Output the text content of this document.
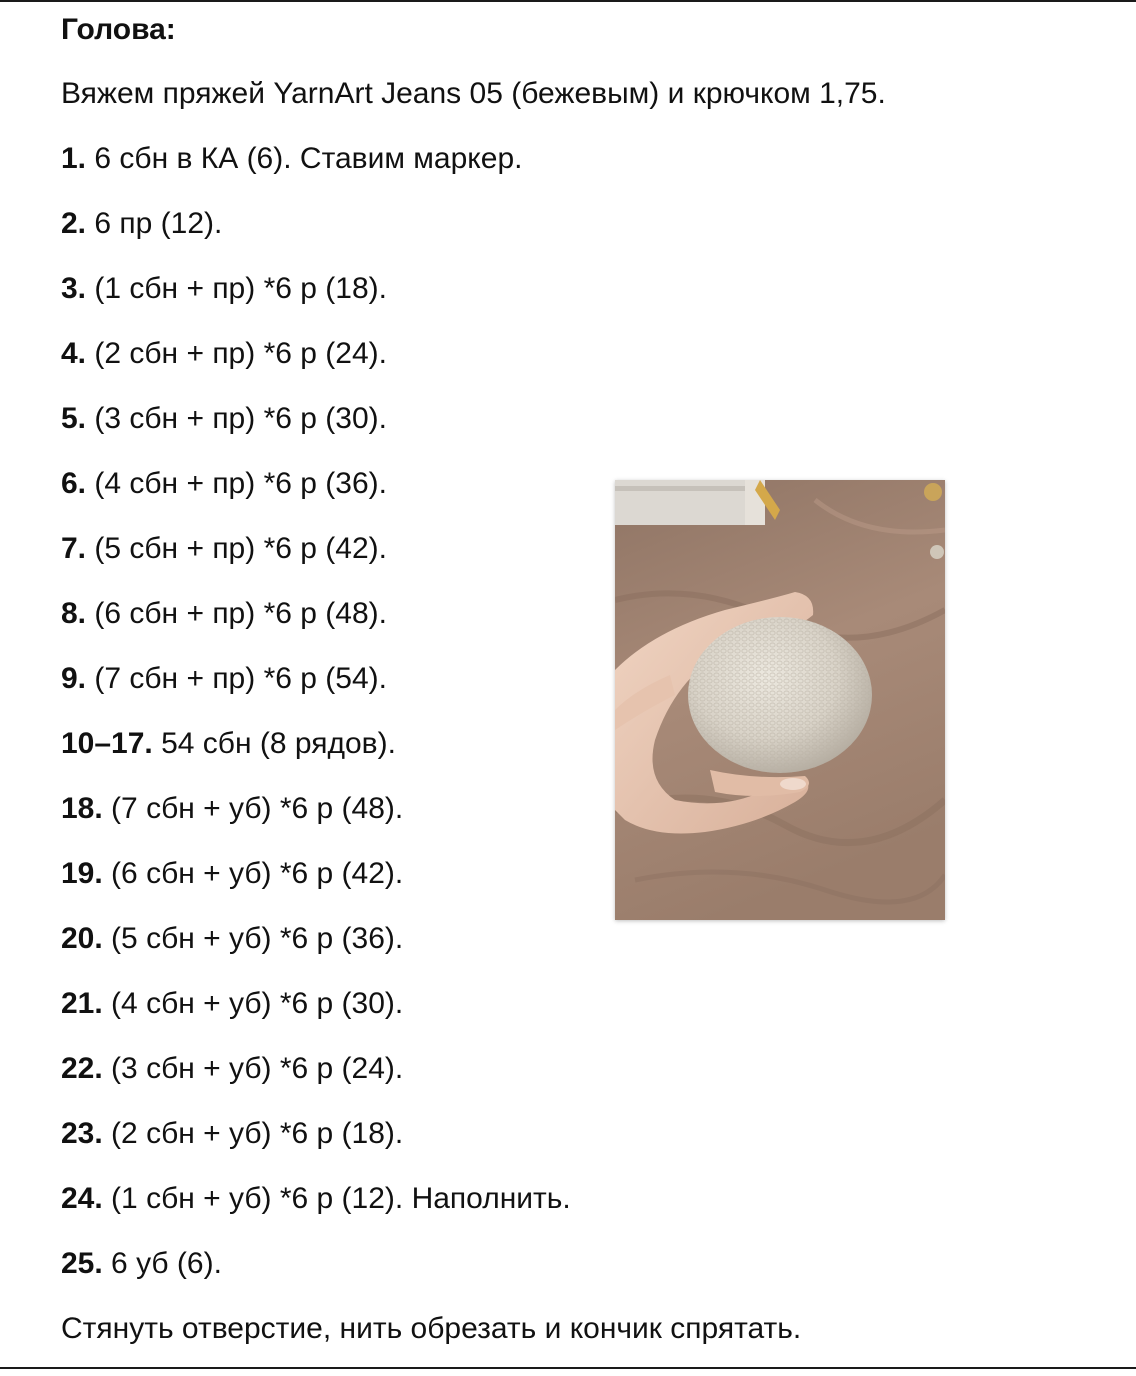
Голова:
Вяжем пряжей YarnArt Jeans 05 (бежевым) и крючком 1,75.
1. 6 сбн в КА (6). Ставим маркер.
2. 6 пр (12).
3. (1 сбн + пр) *6 р (18).
4. (2 сбн + пр) *6 р (24).
5. (3 сбн + пр) *6 р (30).
6. (4 сбн + пр) *6 р (36).
7. (5 сбн + пр) *6 р (42).
8. (6 сбн + пр) *6 р (48).
9. (7 сбн + пр) *6 р (54).
10–17. 54 сбн (8 рядов).
18. (7 сбн + уб) *6 р (48).
19. (6 сбн + уб) *6 р (42).
20. (5 сбн + уб) *6 р (36).
21. (4 сбн + уб) *6 р (30).
22. (3 сбн + уб) *6 р (24).
23. (2 сбн + уб) *6 р (18).
24. (1 сбн + уб) *6 р (12). Наполнить.
25. 6 уб (6).
Стянуть отверстие, нить обрезать и кончик спрятать.
